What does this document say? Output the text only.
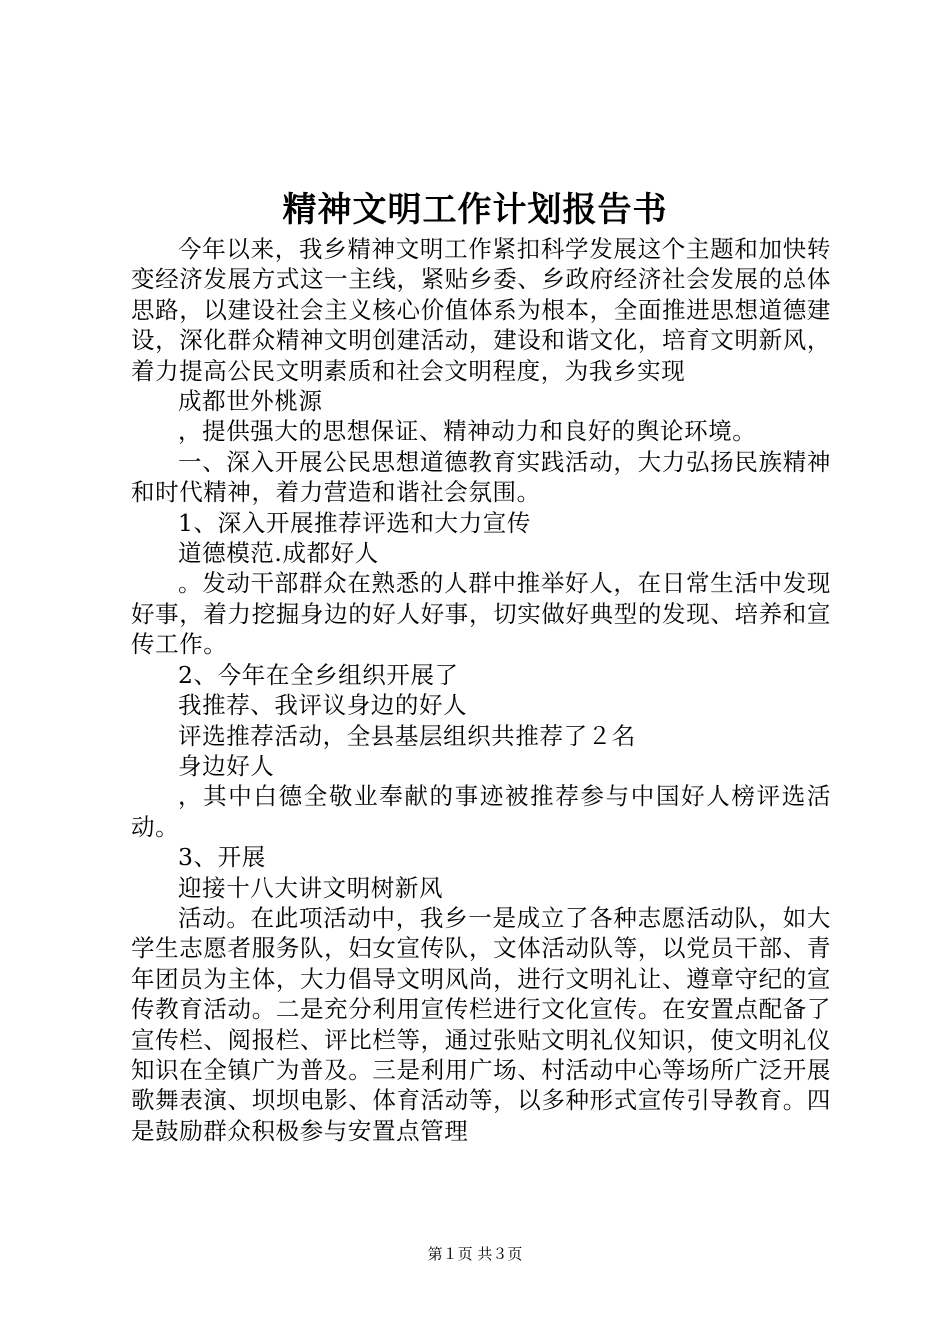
精神文明工作计划报告书

今年以来，我乡精神文明工作紧扣科学发展这个主题和加快转变经济发展方式这一主线，紧贴乡委、乡政府经济社会发展的总体思路，以建设社会主义核心价值体系为根本，全面推进思想道德建设，深化群众精神文明创建活动，建设和谐文化，培育文明新风，着力提高公民文明素质和社会文明程度，为我乡实现

成都世外桃源

，提供强大的思想保证、精神动力和良好的舆论环境。

一、深入开展公民思想道德教育实践活动，大力弘扬民族精神和时代精神，着力营造和谐社会氛围。

1、深入开展推荐评选和大力宣传

道德模范.成都好人

。发动干部群众在熟悉的人群中推举好人，在日常生活中发现好事，着力挖掘身边的好人好事，切实做好典型的发现、培养和宣传工作。

2、今年在全乡组织开展了

我推荐、我评议身边的好人

评选推荐活动，全县基层组织共推荐了２名

身边好人

，其中白德全敬业奉献的事迹被推荐参与中国好人榜评选活动。

3、开展

迎接十八大讲文明树新风

活动。在此项活动中，我乡一是成立了各种志愿活动队，如大学生志愿者服务队，妇女宣传队，文体活动队等，以党员干部、青年团员为主体，大力倡导文明风尚，进行文明礼让、遵章守纪的宣传教育活动。二是充分利用宣传栏进行文化宣传。在安置点配备了宣传栏、阅报栏、评比栏等，通过张贴文明礼仪知识，使文明礼仪知识在全镇广为普及。三是利用广场、村活动中心等场所广泛开展歌舞表演、坝坝电影、体育活动等，以多种形式宣传引导教育。四是鼓励群众积极参与安置点管理

第１页 共３页
